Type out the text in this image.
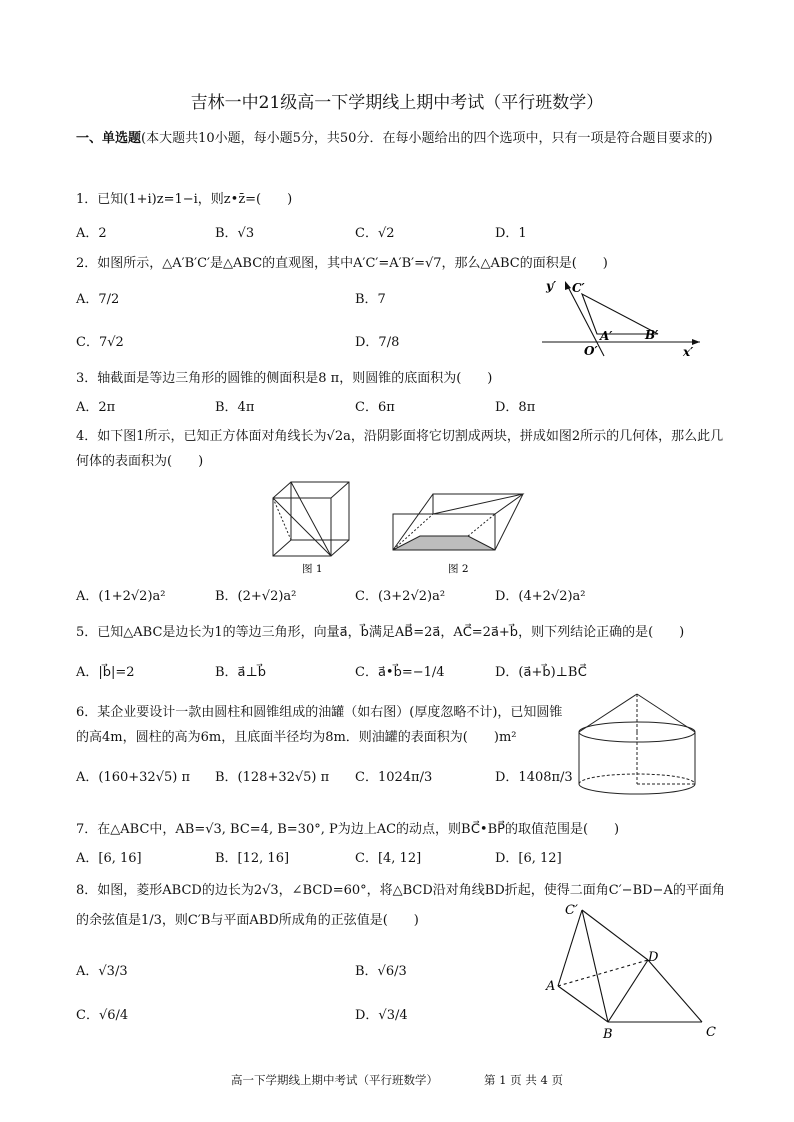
吉林一中21级高一下学期线上期中考试（平行班数学）
一、单选题(本大题共10小题，每小题5分，共50分．在每小题给出的四个选项中，只有一项是符合题目要求的)
1．已知(1+i)z=1−i，则z•z̄=(　　)
A．2	B．√3	C．√2	D．1
2．如图所示，△A′B′C′是△ABC的直观图，其中A′C′=A′B′=√7，那么△ABC的面积是(　　)
A．7/2	B．7
C．7√2	D．7/8
y′ C′
A′	B′
O′	x′
3．轴截面是等边三角形的圆锥的侧面积是8 π，则圆锥的底面积为(　　)
A．2π	B．4π	C．6π	D．8π
4．如下图1所示，已知正方体面对角线长为√2a，沿阴影面将它切割成两块，拼成如图2所示的几何体，那么此几何体的表面积为(　　)
图 1	图 2
A．(1+2√2)a²	B．(2+√2)a²	C．(3+2√2)a²	D．(4+2√2)a²
5．已知△ABC是边长为1的等边三角形，向量a⃗，b⃗满足AB⃗=2a⃗，AC⃗=2a⃗+b⃗，则下列结论正确的是(　　)
A．|b⃗|=2	B．a⃗⊥b⃗	C．a⃗•b⃗=−1/4	D．(a⃗+b⃗)⊥BC⃗
6．某企业要设计一款由圆柱和圆锥组成的油罐（如右图）(厚度忽略不计)，已知圆锥的高4m，圆柱的高为6m，且底面半径均为8m．则油罐的表面积为(　　)m²
A．(160+32√5) π B．(128+32√5) π C．1024π/3	D．1408π/3
7．在△ABC中，AB=√3, BC=4, B=30°, P为边上AC的动点，则BC⃗•BP⃗的取值范围是(　　)
A．[6, 16]	B．[12, 16]	C．[4, 12]	D．[6, 12]
8．如图，菱形ABCD的边长为2√3，∠BCD=60°，将△BCD沿对角线BD折起，使得二面角C′−BD−A的平面角的余弦值是1/3，则C′B与平面ABD所成角的正弦值是(　　)
C′
D
A
B	C
A．√3/3	B．√6/3
C．√6/4	D．√3/4
高一下学期线上期中考试（平行班数学）	第 1 页 共 4 页
